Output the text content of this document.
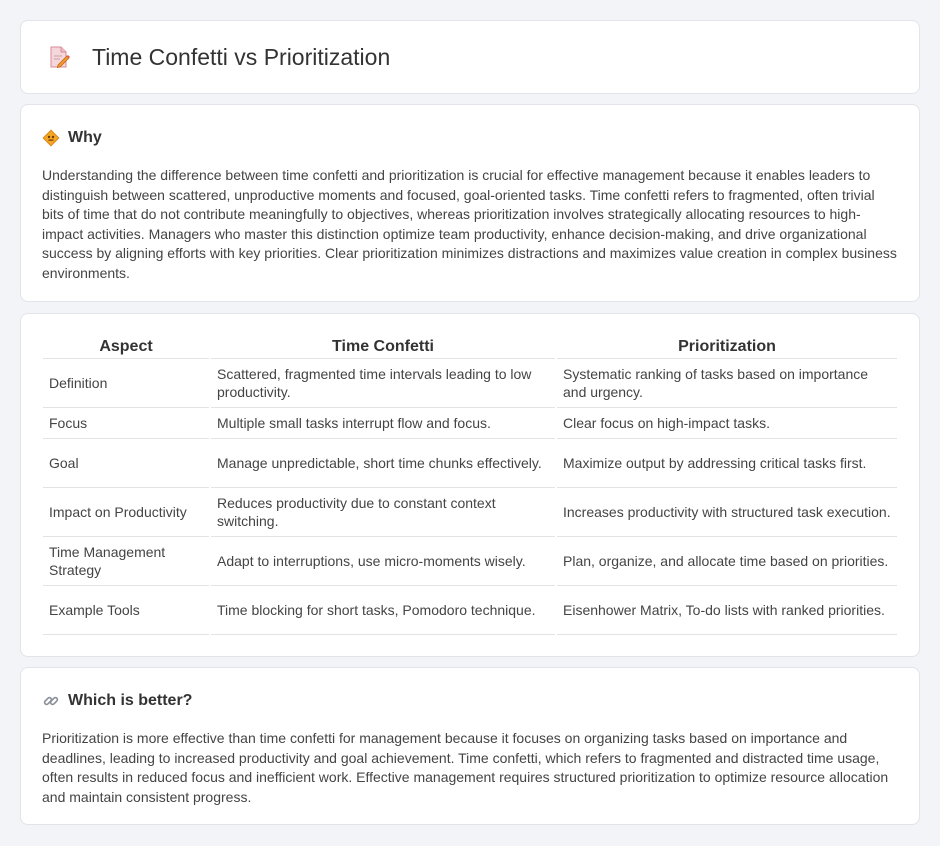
Time Confetti vs Prioritization
Why

Understanding the difference between time confetti and prioritization is crucial for effective management because it enables leaders to distinguish between scattered, unproductive moments and focused, goal-oriented tasks. Time confetti refers to fragmented, often trivial bits of time that do not contribute meaningfully to objectives, whereas prioritization involves strategically allocating resources to high-impact activities. Managers who master this distinction optimize team productivity, enhance decision-making, and drive organizational success by aligning efforts with key priorities. Clear prioritization minimizes distractions and maximizes value creation in complex business environments.

Aspect	Time Confetti	Prioritization
Definition	Scattered, fragmented time intervals leading to low productivity.	Systematic ranking of tasks based on importance and urgency.
Focus	Multiple small tasks interrupt flow and focus.	Clear focus on high-impact tasks.
Goal	Manage unpredictable, short time chunks effectively.	Maximize output by addressing critical tasks first.
Impact on Productivity	Reduces productivity due to constant context switching.	Increases productivity with structured task execution.
Time Management Strategy	Adapt to interruptions, use micro-moments wisely.	Plan, organize, and allocate time based on priorities.
Example Tools	Time blocking for short tasks, Pomodoro technique.	Eisenhower Matrix, To-do lists with ranked priorities.
Which is better?

Prioritization is more effective than time confetti for management because it focuses on organizing tasks based on importance and deadlines, leading to increased productivity and goal achievement. Time confetti, which refers to fragmented and distracted time usage, often results in reduced focus and inefficient work. Effective management requires structured prioritization to optimize resource allocation and maintain consistent progress.
